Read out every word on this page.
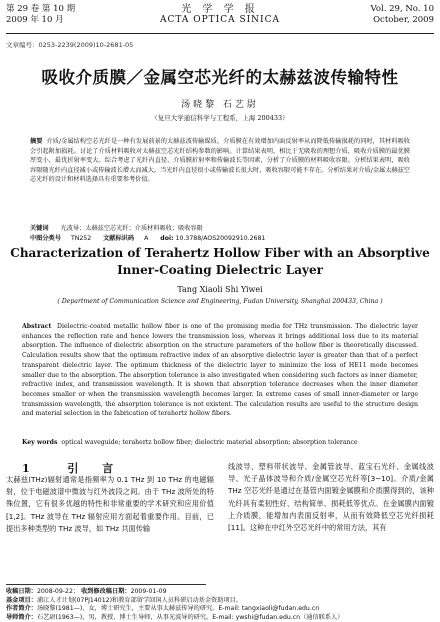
第 29 卷 第 10 期
2009 年 10 月
光 学 学 报
ACTA OPTICA SINICA
Vol. 29, No. 10
October, 2009
文章编号：0253-2239(2009)10-2681-05
吸收介质膜／金属空芯光纤的太赫兹波传输特性
汤晓黎 石艺尉
（复旦大学通信科学与工程系，上海 200433）
摘要 介质/金属结构空芯光纤是一种有发展前景的太赫兹波传输媒质。介质膜在有效增加内面反射率从而降低传输损耗的同时，其材料吸收会引起附加损耗。讨论了介质材料吸收对太赫兹空芯光纤结构参数的影响。计算结果表明，相比于无吸收的理想介质，吸收介质膜的最优膜厚变小，最优折射率变大。综合考虑了光纤内直径、介质膜折射率和传输波长等因素，分析了介质膜的材料吸收容限。分析结果表明，吸收容限随光纤内直径减小或传输波长增大而减大。当光纤内直径很小或传输波长很大时，吸收容限可能不存在。分析结果对介质/金属太赫兹空芯光纤的设计和材料选择具有重要参考价值。
关键词 光波导；太赫兹空芯光纤；介质材料吸收；吸收容限
中图分类号 TN252 文献标识码 A doi: 10.3788/AOS20092910.2681
Characterization of Terahertz Hollow Fiber with an Absorptive Inner-Coating Dielectric Layer
Tang Xiaoli Shi Yiwei
( Department of Communication Science and Engineering, Fudan University, Shanghai 200433, China )
Abstract Dielectric-coated metallic hollow fiber is one of the promising media for THz transmission. The dielectric layer enhances the reflection rate and hence lowers the transmission loss, whereas it brings additional loss due to its material absorption. The influence of dielectric absorption on the structure parameters of the hollow fiber is theoretically discussed. Calculation results show that the optimum refractive index of an absorptive dielectric layer is greater than that of a perfect transparent dielectric layer. The optimum thickness of the dielectric layer to minimize the loss of HE11 mode becomes smaller due to the absorption. The absorption tolerance is also investigated when considering such factors as inner diameter, refractive index, and transmission wavelength. It is shown that absorption tolerance decreases when the inner diameter becomes smaller or when the transmission wavelength becomes larger. In extreme cases of small inner-diameter or large transmission wavelength, the absorption tolerance is not existent. The calculation results are useful to the structure design and material selection in the fabrication of terahertz hollow fibers.
Key words optical waveguide; terahertz hollow fiber; dielectric material absorption; absorption tolerance
1	引 言
太赫兹(THz)辐射通常是指频率为 0.1 THz 到 10 THz 的电磁辐射，位于电磁波谱中微波与红外波段之间。由于 THz 波所处的特殊位置，它有很多优越的特性和非常重要的学术研究和应用价值[1,2]。THz 波导在 THz 辐射应用方面起着重要作用。目前，已提出多种类型的 THz 波导，如 THz 共面传输
线波导、塑料带状波导、金属管波导、蓝宝石光纤、金属线波导、光子晶体波导和介质/金属空芯光纤等[3~10]。介质/金属 THz 空芯光纤是通过在基管内面镀金属膜和介质膜得到的，该种光纤具有柔韧性好、结构简单、损耗低等优点。在金属膜内面镀上介质膜，能增加内表面反射率，从而有效降低空芯光纤损耗[11]。这种在中红外空芯光纤中的常用方法，其有
收稿日期：2008-09-22； 收到修改稿日期：2009-01-09
基金项目：浦江人才计划(07PJ14012)和教育部留学回国人员科研启动基金资助项目。
作者简介：汤晓黎(1981—)，女，博士研究生，主要从事太赫兹传导的研究。E-mail: tangxiaoli@fudan.edu.cn
导师简介：石艺尉(1963—)，男，教授，博士生导师，从事光波导的研究。E-mail: ywshi@fudan.edu.cn（通信联系人）
